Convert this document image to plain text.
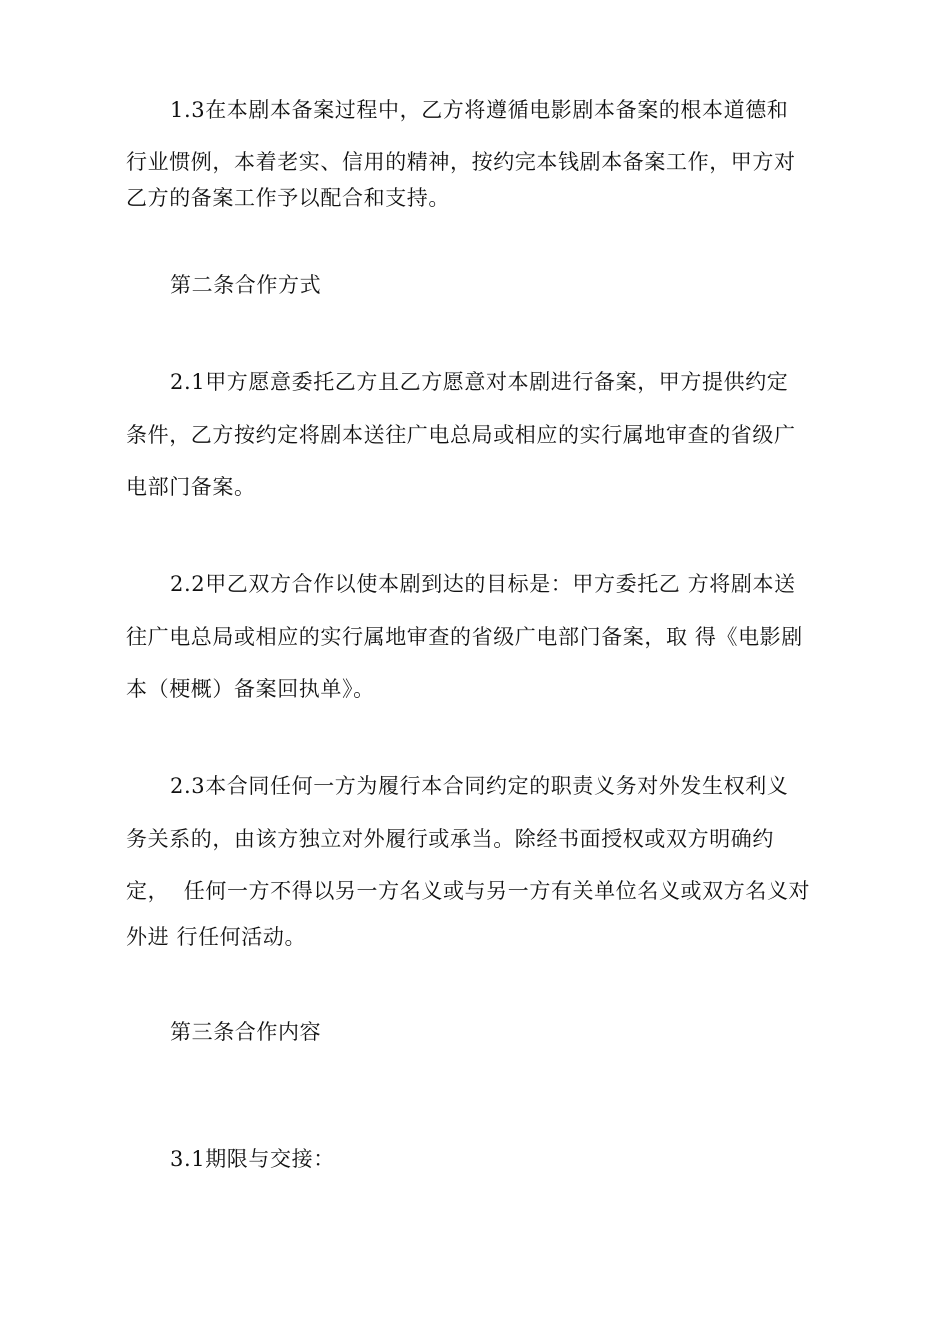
1.3在本剧本备案过程中，乙方将遵循电影剧本备案的根本道德和
行业惯例，本着老实、信用的精神，按约完本钱剧本备案工作，甲方对
乙方的备案工作予以配合和支持。
第二条合作方式
2.1甲方愿意委托乙方且乙方愿意对本剧进行备案，甲方提供约定
条件，乙方按约定将剧本送往广电总局或相应的实行属地审查的省级广
电部门备案。
2.2甲乙双方合作以使本剧到达的目标是：甲方委托乙 方将剧本送
往广电总局或相应的实行属地审查的省级广电部门备案，取 得《电影剧
本（梗概）备案回执单》。
2.3本合同任何一方为履行本合同约定的职责义务对外发生权利义
务关系的，由该方独立对外履行或承当。除经书面授权或双方明确约
定，  任何一方不得以另一方名义或与另一方有关单位名义或双方名义对
外进 行任何活动。
第三条合作内容
3.1期限与交接：
